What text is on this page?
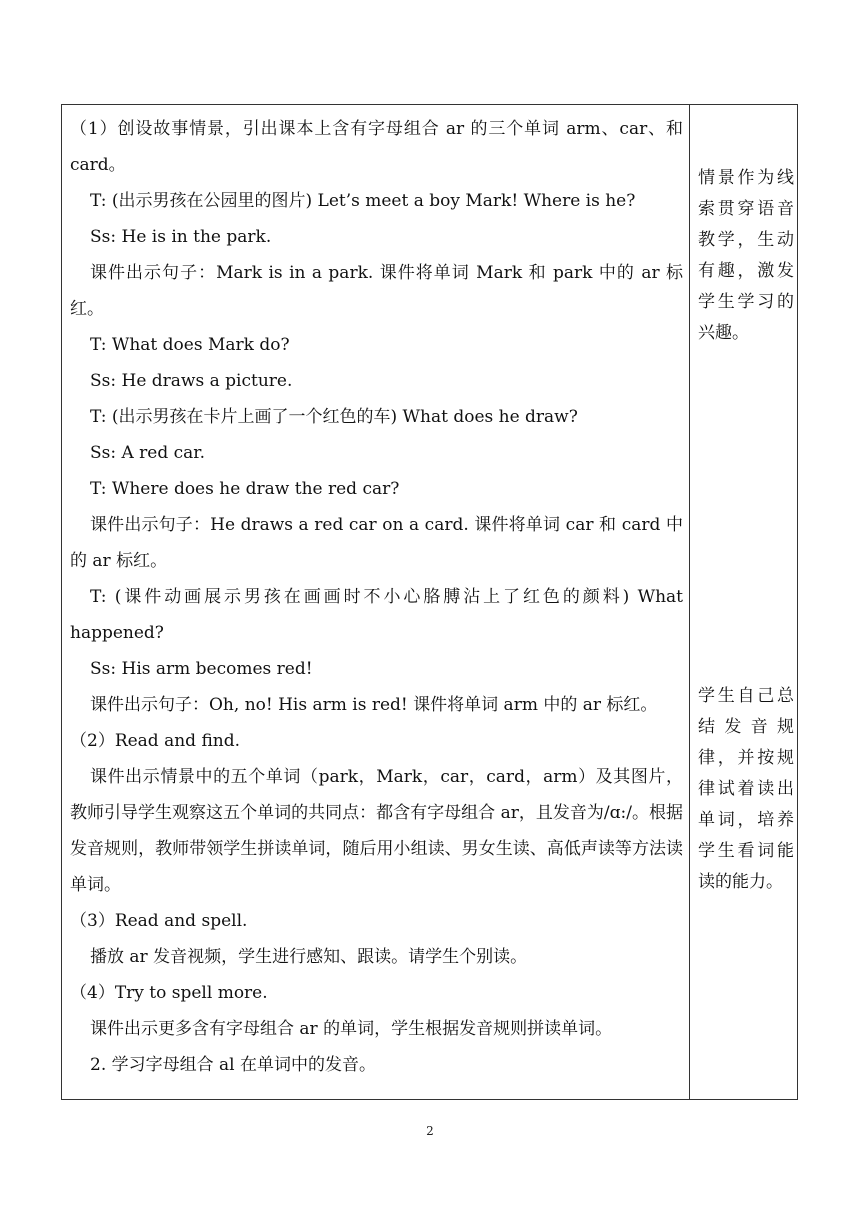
（1）创设故事情景，引出课本上含有字母组合 ar 的三个单词 arm、car、和 card。

T: (出示男孩在公园里的图片) Let’s meet a boy Mark! Where is he?

Ss: He is in the park.

课件出示句子：Mark is in a park. 课件将单词 Mark 和 park 中的 ar 标红。

T: What does Mark do?

Ss: He draws a picture.

T: (出示男孩在卡片上画了一个红色的车) What does he draw?

Ss: A red car.

T: Where does he draw the red car?

课件出示句子：He draws a red car on a card. 课件将单词 car 和 card 中的 ar 标红。

T: (课件动画展示男孩在画画时不小心胳膊沾上了红色的颜料) What happened?

Ss: His arm becomes red!

课件出示句子：Oh, no! His arm is red! 课件将单词 arm 中的 ar 标红。

（2）Read and find.

课件出示情景中的五个单词（park，Mark，car，card，arm）及其图片，教师引导学生观察这五个单词的共同点：都含有字母组合 ar，且发音为/ɑ:/。根据发音规则，教师带领学生拼读单词，随后用小组读、男女生读、高低声读等方法读单词。

（3）Read and spell.

播放 ar 发音视频，学生进行感知、跟读。请学生个别读。

（4）Try to spell more.

课件出示更多含有字母组合 ar 的单词，学生根据发音规则拼读单词。

2. 学习字母组合 al 在单词中的发音。

情景作为线索贯穿语音教学，生动有趣，激发学生学习的兴趣。
学生自己总结发音规律，并按规律试着读出单词，培养学生看词能读的能力。
2
